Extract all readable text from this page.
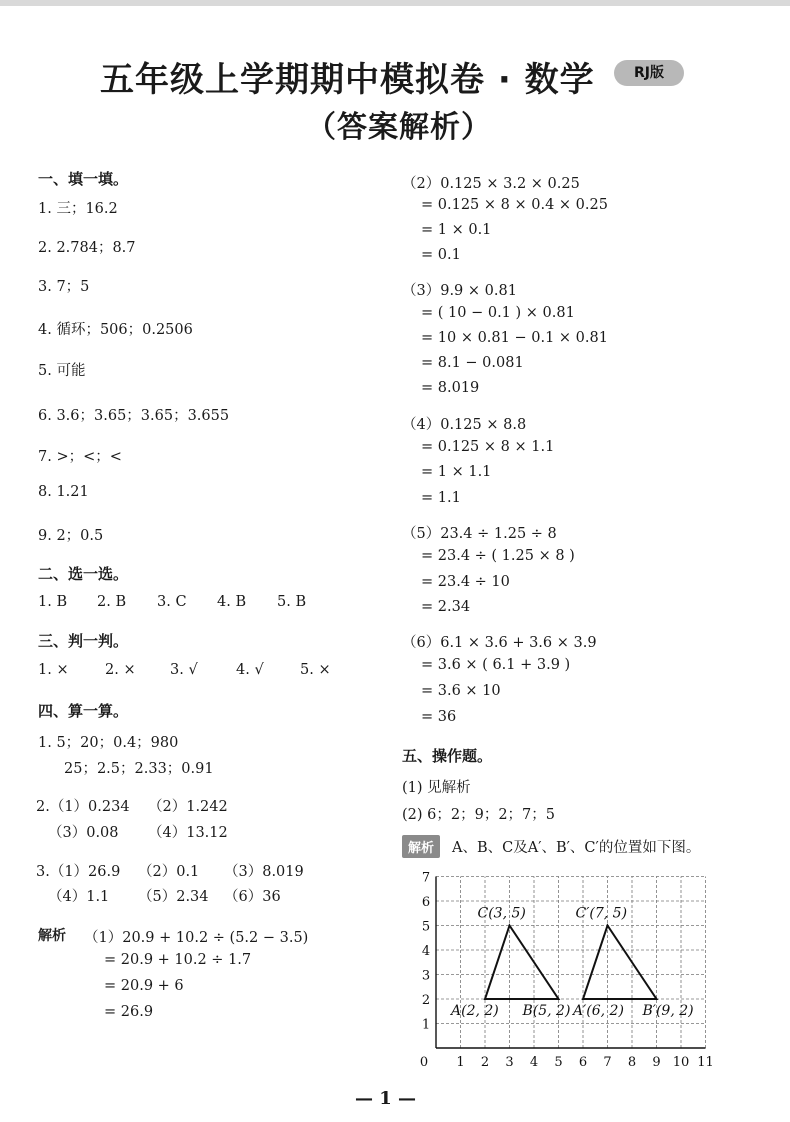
五年级上学期期中模拟卷 · 数学	RJ版
（答案解析）
一、填一填。
1. 三；16.2
2. 2.784；8.7
3. 7；5
4. 循环；506；0.2506
5. 可能
6. 3.6；3.65；3.65；3.655
7. >；<；<
8. 1.21
9. 2；0.5
二、选一选。
1. B 2. B 3. C 4. B 5. B
三、判一判。
1. ×	2. × 3. √	4. √	5. ×
四、算一算。
1. 5；20；0.4；980
25；2.5；2.33；0.91
2.（1）0.234 （2）1.242
（3）0.08 （4）13.12
3.（1）26.9 （2）0.1 （3）8.019
（4）1.1 （5）2.34 （6）36
解析 （1）20.9 + 10.2 ÷ (5.2 − 3.5)
= 20.9 + 10.2 ÷ 1.7
= 20.9 + 6
= 26.9
（2）0.125 × 3.2 × 0.25
= 0.125 × 8 × 0.4 × 0.25
= 1 × 0.1
= 0.1
（3）9.9 × 0.81
= ( 10 − 0.1 ) × 0.81
= 10 × 0.81 − 0.1 × 0.81
= 8.1 − 0.081
= 8.019
（4）0.125 × 8.8
= 0.125 × 8 × 1.1
= 1 × 1.1
= 1.1
（5）23.4 ÷ 1.25 ÷ 8
= 23.4 ÷ ( 1.25 × 8 )
= 23.4 ÷ 10
= 2.34
（6）6.1 × 3.6 + 3.6 × 3.9
= 3.6 × ( 6.1 + 3.9 )
= 3.6 × 10
= 36
五、操作题。
(1) 见解析
(2) 6；2；9；2；7；5
解析	A、B、C及A′、B′、C′的位置如下图。
0 1 2 3 4 5 6 7 8 9 10 11
1
2
3
4
5
6
7
C(3, 5)	C′(7, 5)
A(2, 2) B(5, 2) A′(6, 2) B′(9, 2)
— 1 —
